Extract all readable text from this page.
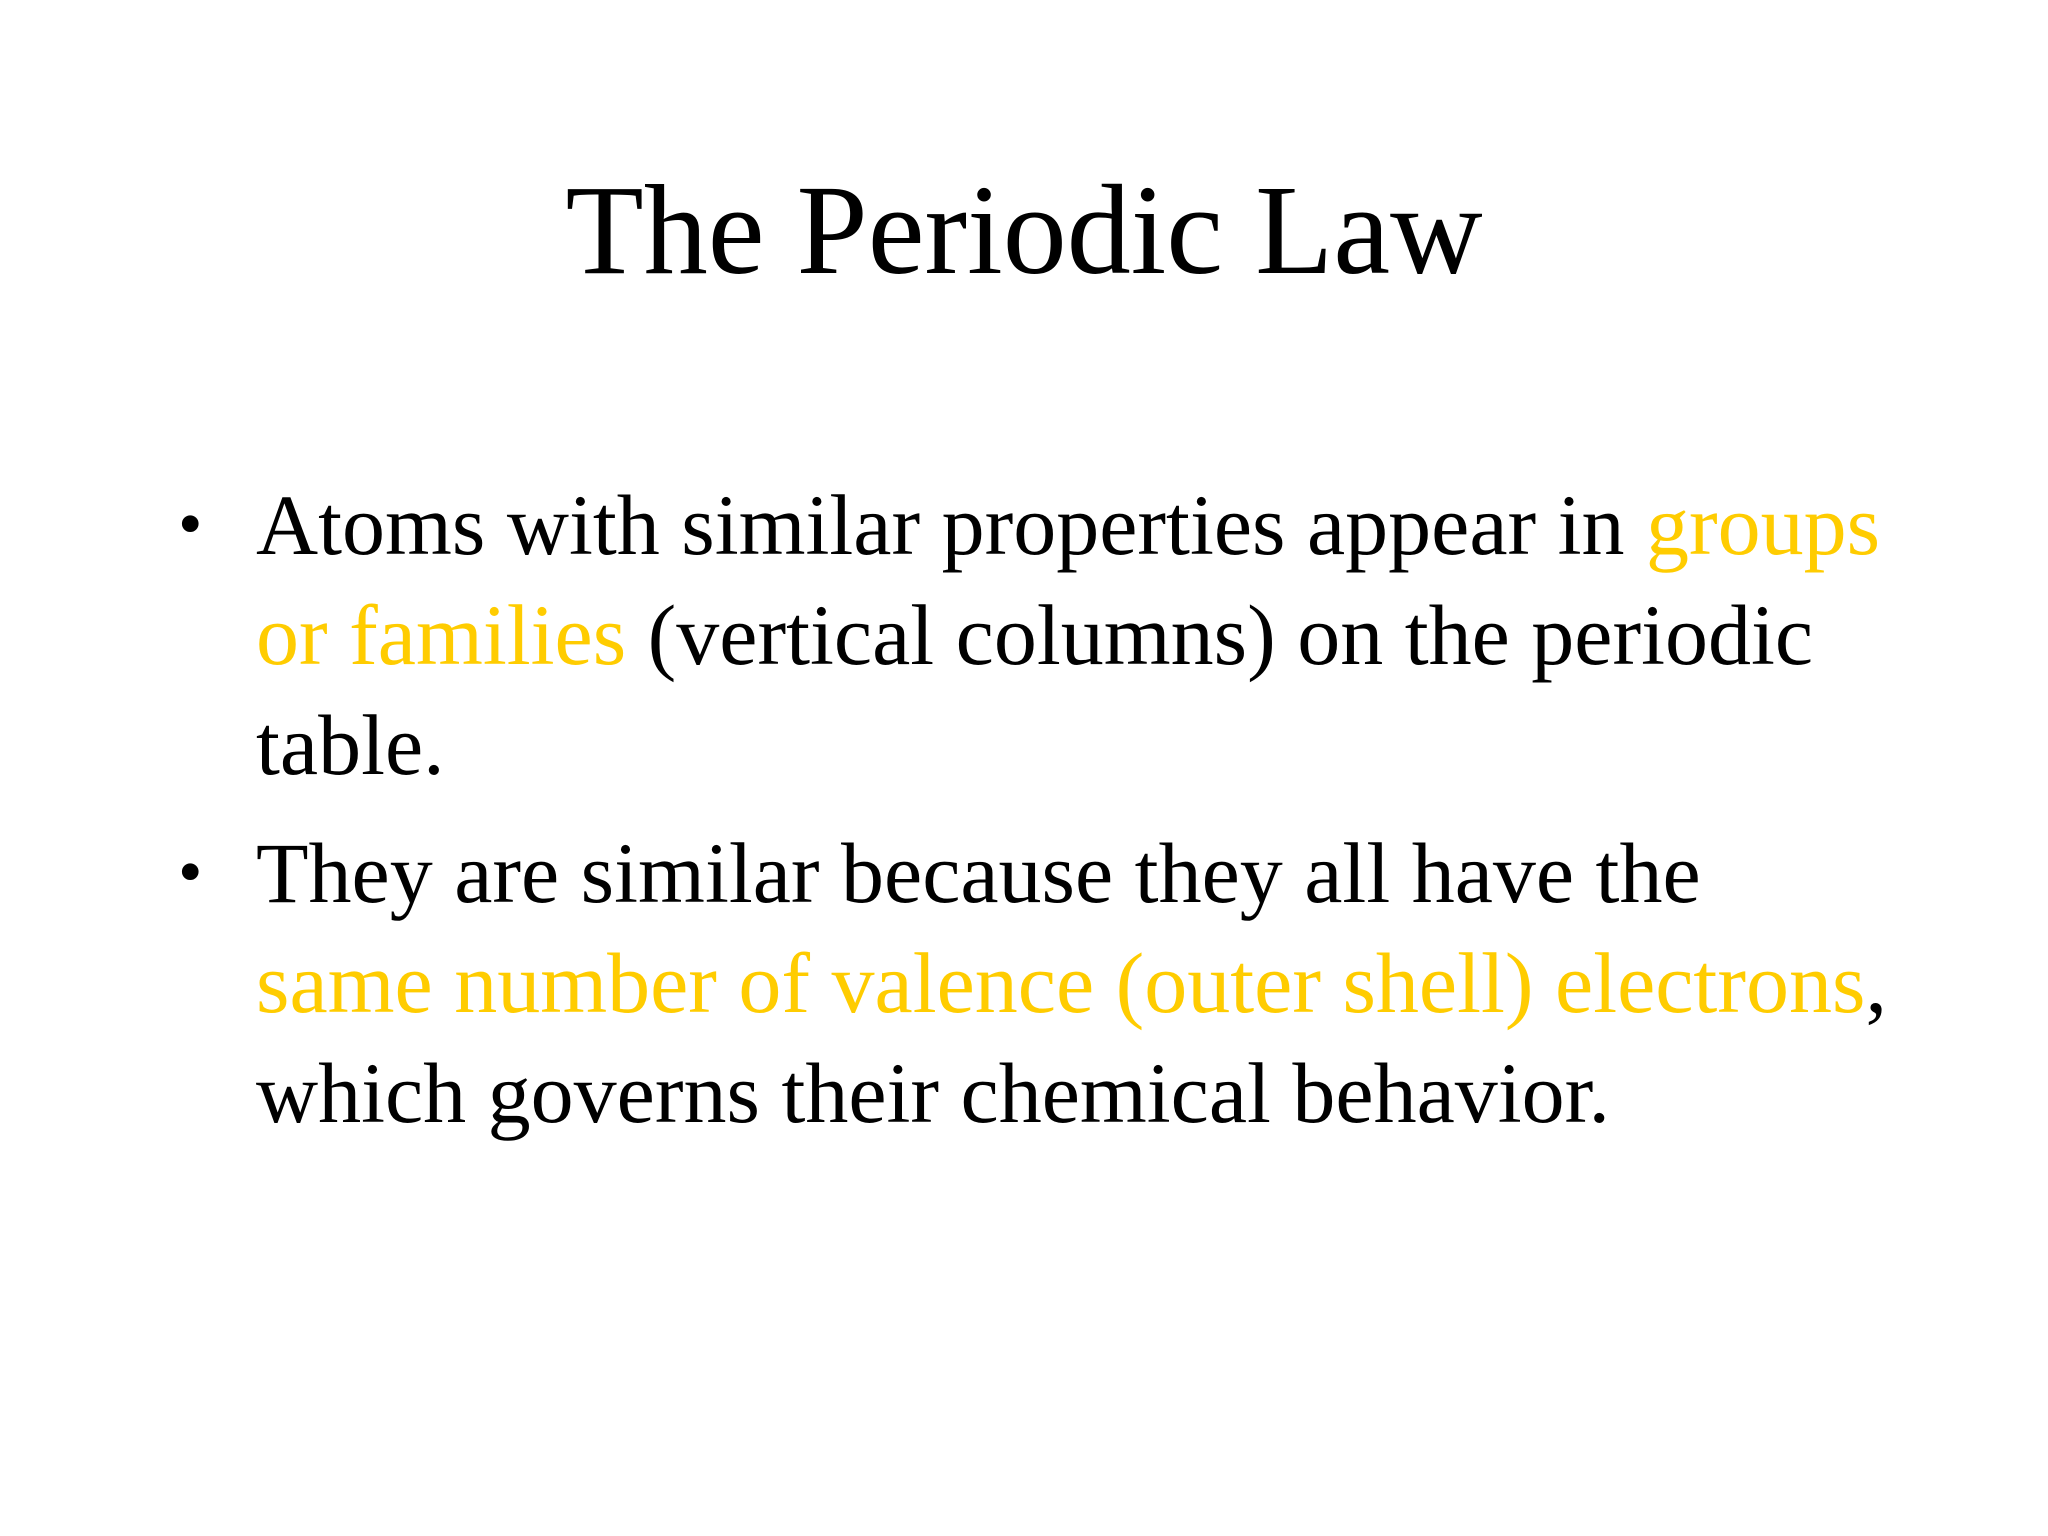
The Periodic Law
• Atoms with similar properties appear in groups or families (vertical columns) on the periodic table.
• They are similar because they all have the same number of valence (outer shell) electrons, which governs their chemical behavior.
